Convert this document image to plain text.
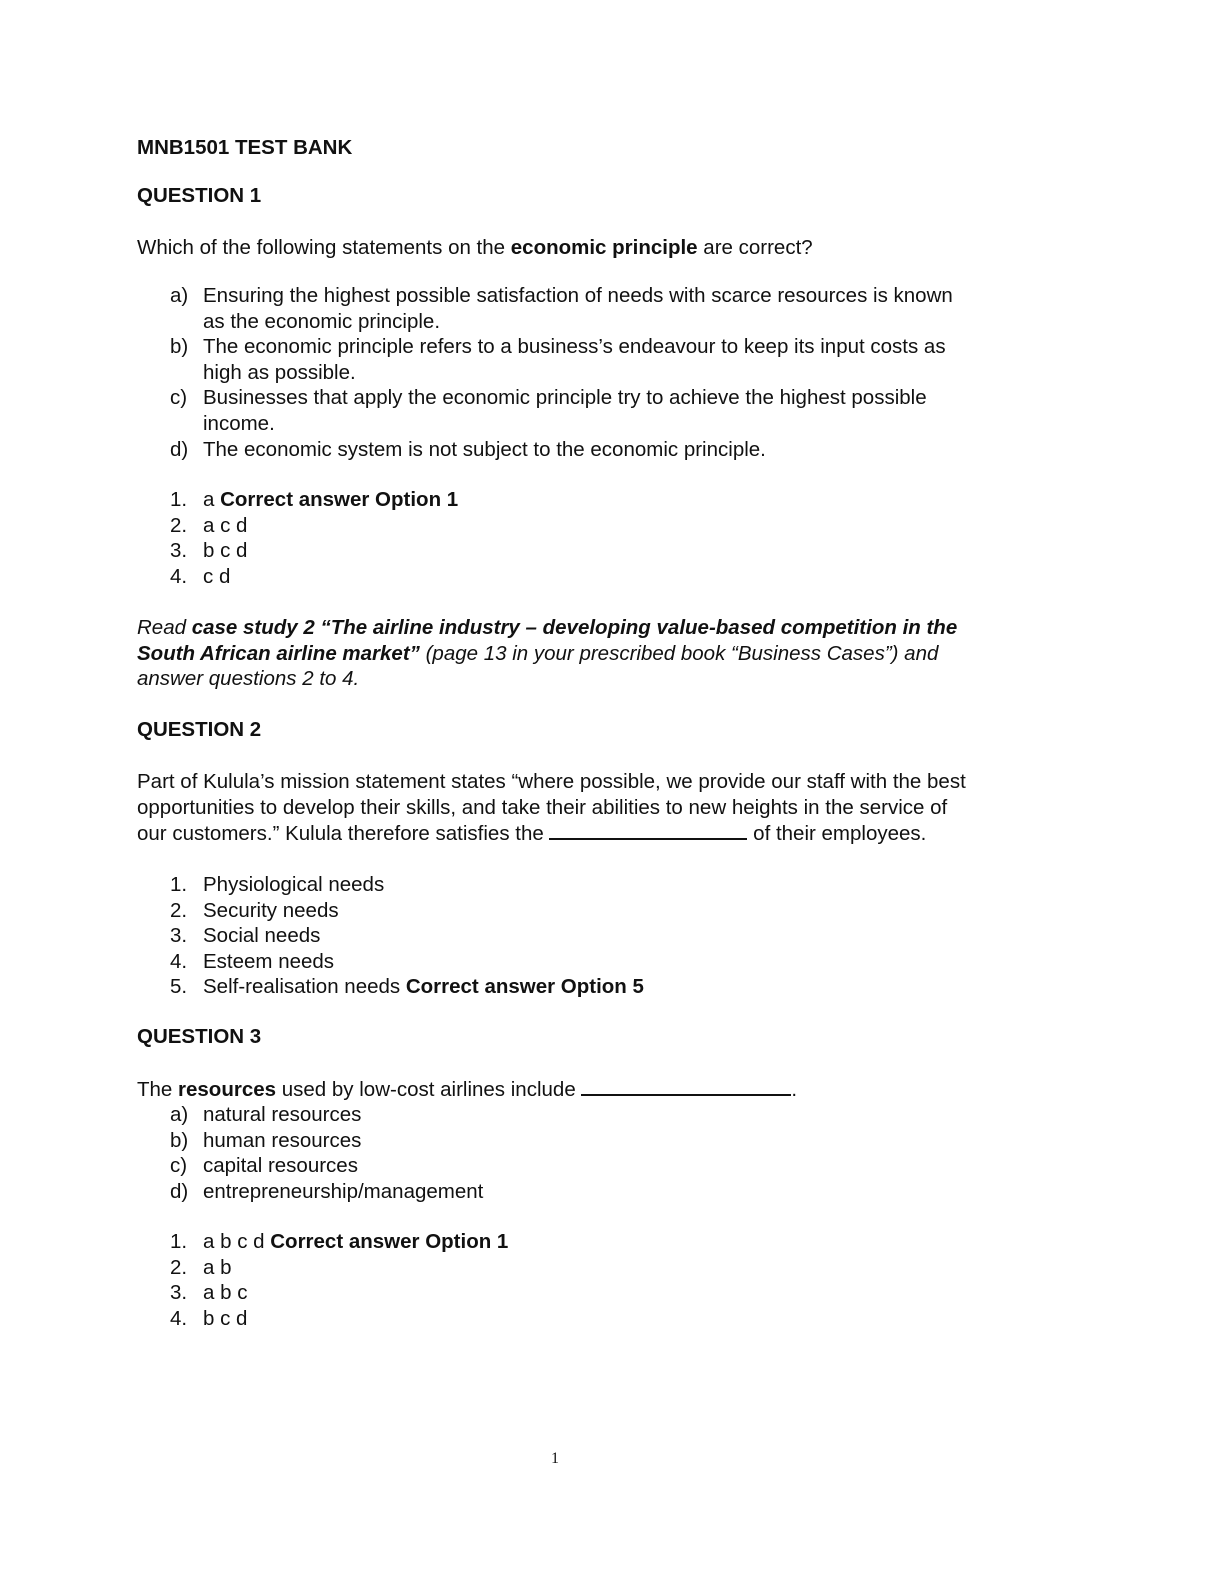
MNB1501 TEST BANK
QUESTION 1
Which of the following statements on the economic principle are correct?
a) Ensuring the highest possible satisfaction of needs with scarce resources is known as the economic principle.
b) The economic principle refers to a business’s endeavour to keep its input costs as high as possible.
c) Businesses that apply the economic principle try to achieve the highest possible income.
d) The economic system is not subject to the economic principle.
1. a Correct answer Option 1
2. a c d
3. b c d
4. c d
Read case study 2 “The airline industry – developing value-based competition in the South African airline market” (page 13 in your prescribed book “Business Cases”) and answer questions 2 to 4.
QUESTION 2
Part of Kulula’s mission statement states “where possible, we provide our staff with the best opportunities to develop their skills, and take their abilities to new heights in the service of our customers.” Kulula therefore satisfies the	of their employees.
1. Physiological needs
2. Security needs
3. Social needs
4. Esteem needs
5. Self-realisation needs Correct answer Option 5
QUESTION 3
The resources used by low-cost airlines include	.
a) natural resources
b) human resources
c) capital resources
d) entrepreneurship/management
1. a b c d Correct answer Option 1
2. a b
3. a b c
4. b c d
1
